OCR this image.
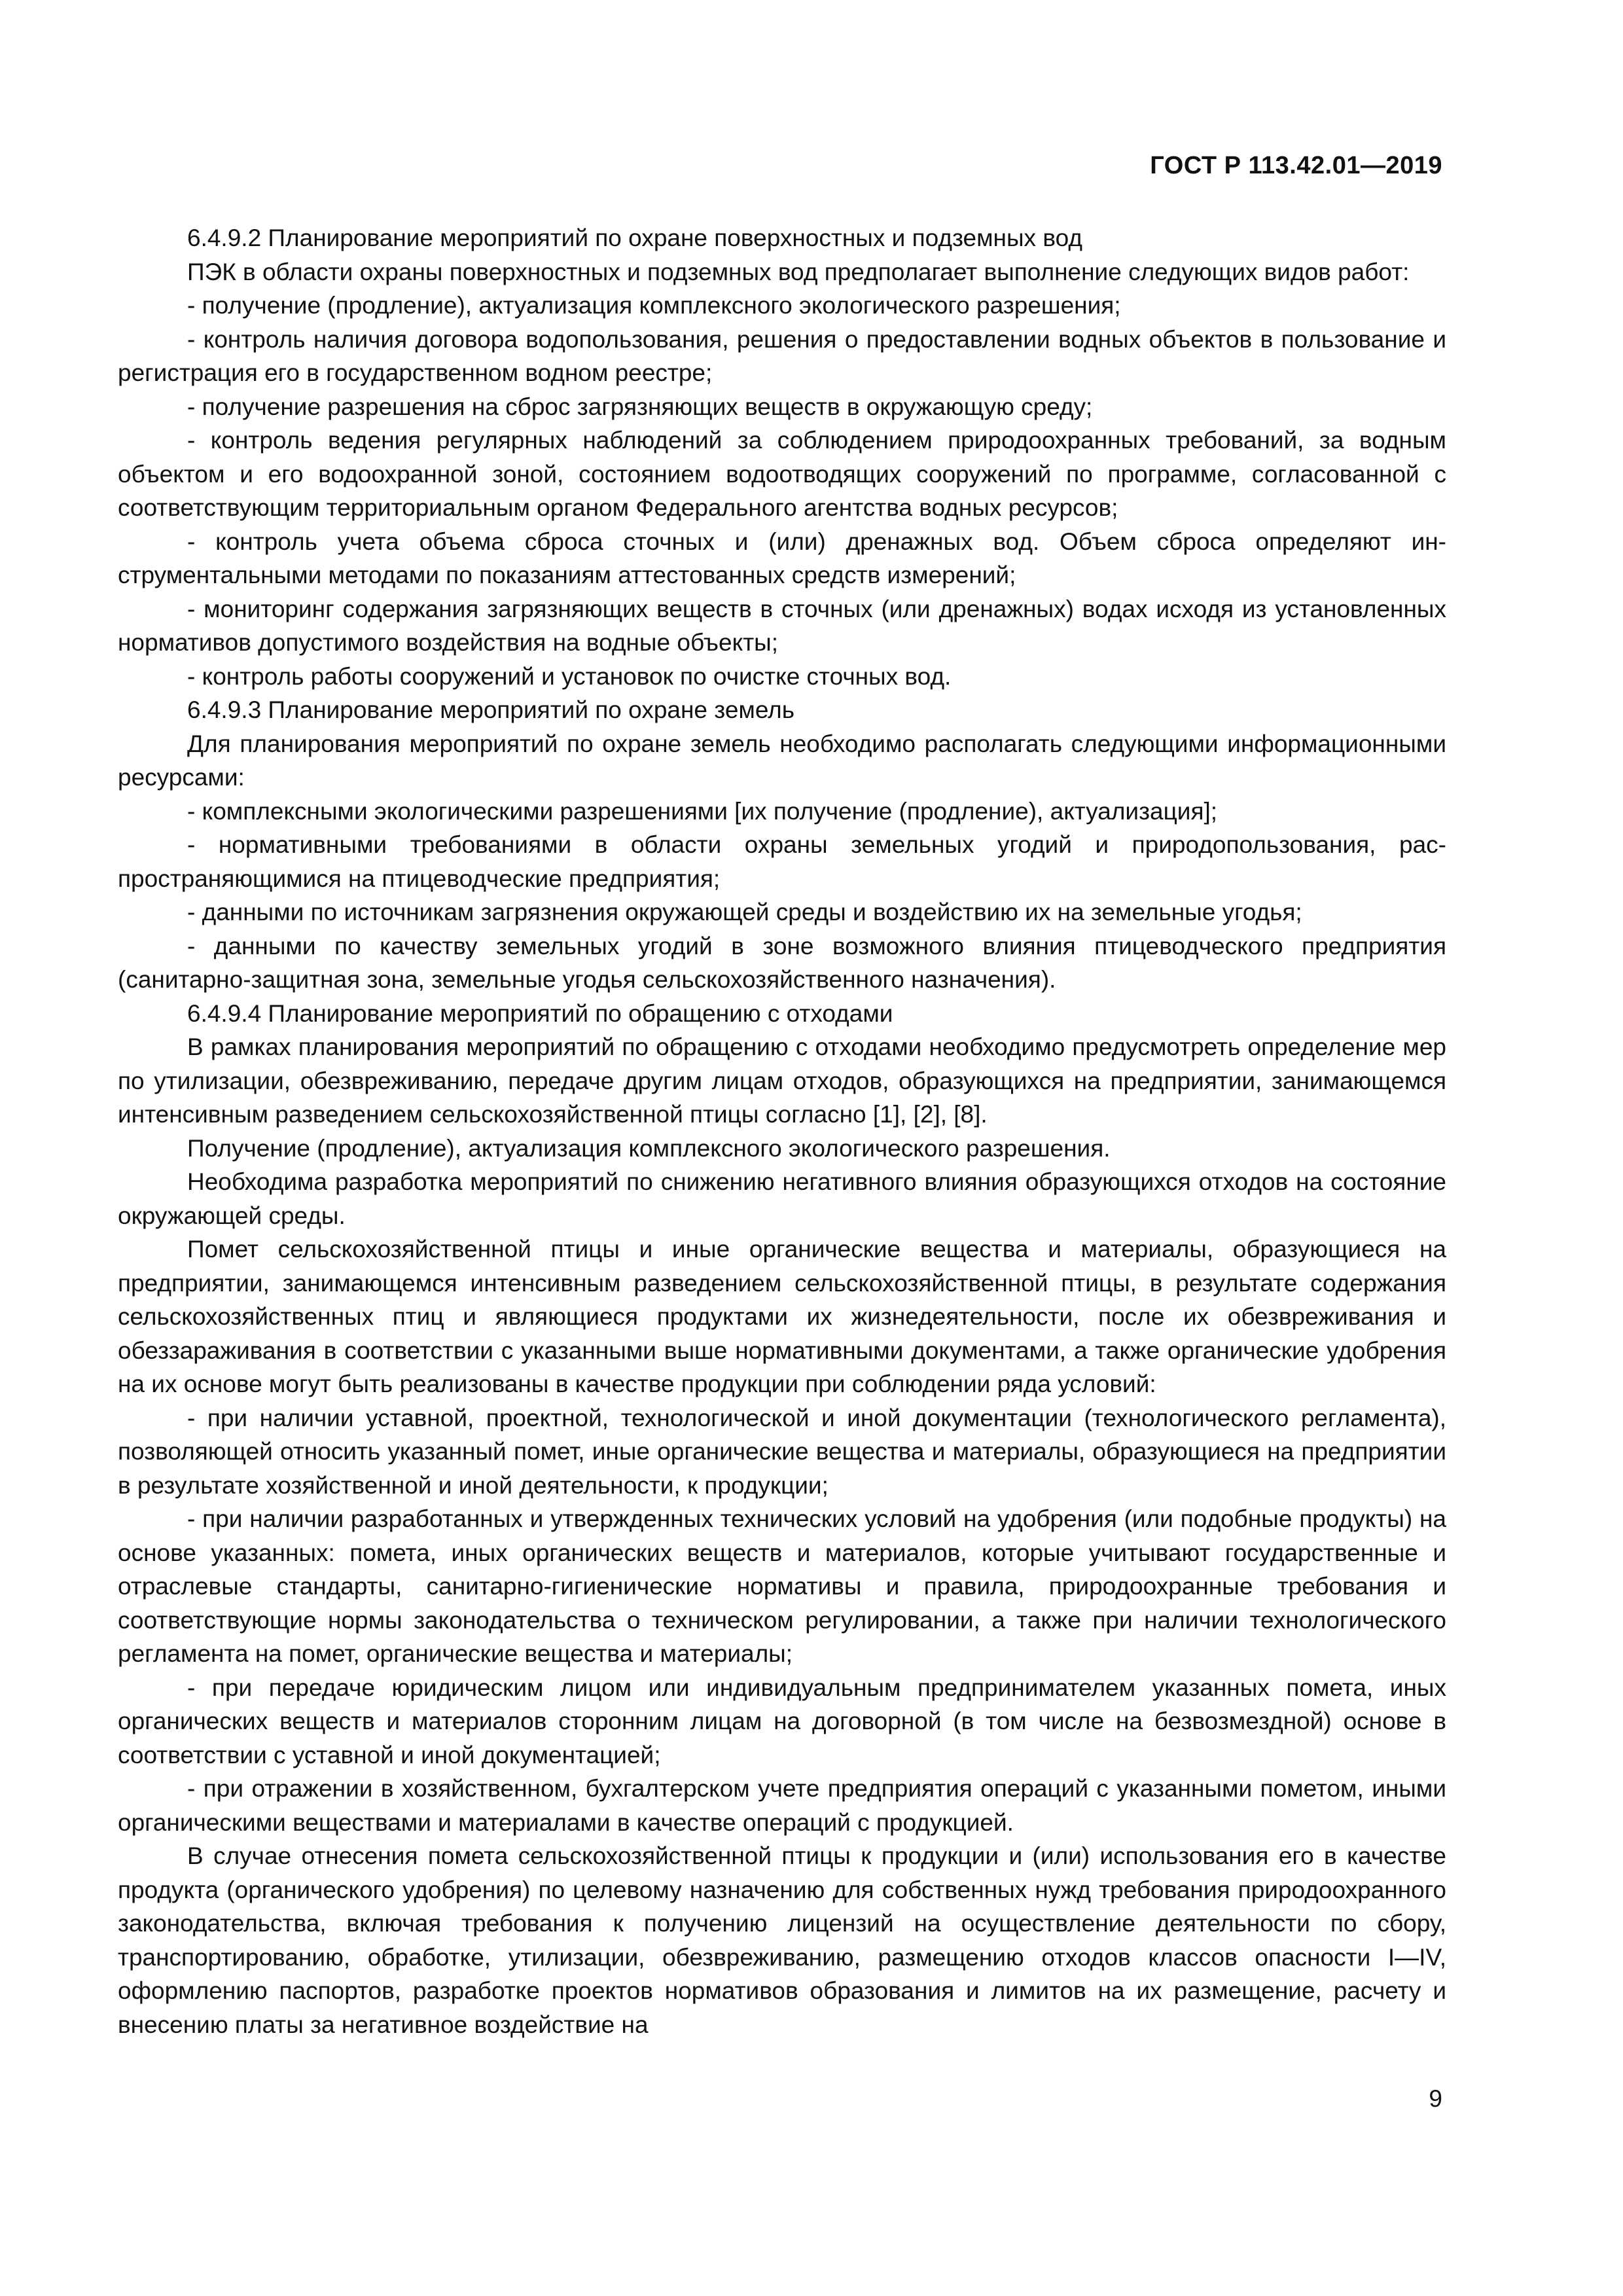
ГОСТ Р 113.42.01—2019

6.4.9.2 Планирование мероприятий по охране поверхностных и подземных вод

ПЭК в области охраны поверхностных и подземных вод предполагает выполнение следующих видов работ:

- получение (продление), актуализация комплексного экологического разрешения;

- контроль наличия договора водопользования, решения о предоставлении водных объектов в пользование и регистрация его в государственном водном реестре;

- получение разрешения на сброс загрязняющих веществ в окружающую среду;

- контроль ведения регулярных наблюдений за соблюдением природоохранных требований, за водным объектом и его водоохранной зоной, состоянием водоотводящих сооружений по программе, согласованной с соответствующим территориальным органом Федерального агентства водных ресурсов;

- контроль учета объема сброса сточных и (или) дренажных вод. Объем сброса определяют инструментальными методами по показаниям аттестованных средств измерений;

- мониторинг содержания загрязняющих веществ в сточных (или дренажных) водах исходя из установленных нормативов допустимого воздействия на водные объекты;

- контроль работы сооружений и установок по очистке сточных вод.

6.4.9.3 Планирование мероприятий по охране земель

Для планирования мероприятий по охране земель необходимо располагать следующими информационными ресурсами:

- комплексными экологическими разрешениями [их получение (продление), актуализация];

- нормативными требованиями в области охраны земельных угодий и природопользования, распространяющимися на птицеводческие предприятия;

- данными по источникам загрязнения окружающей среды и воздействию их на земельные угодья;

- данными по качеству земельных угодий в зоне возможного влияния птицеводческого предприятия (санитарно-защитная зона, земельные угодья сельскохозяйственного назначения).

6.4.9.4 Планирование мероприятий по обращению с отходами

В рамках планирования мероприятий по обращению с отходами необходимо предусмотреть определение мер по утилизации, обезвреживанию, передаче другим лицам отходов, образующихся на предприятии, занимающемся интенсивным разведением сельскохозяйственной птицы согласно [1], [2], [8].

Получение (продление), актуализация комплексного экологического разрешения.

Необходима разработка мероприятий по снижению негативного влияния образующихся отходов на состояние окружающей среды.

Помет сельскохозяйственной птицы и иные органические вещества и материалы, образующиеся на предприятии, занимающемся интенсивным разведением сельскохозяйственной птицы, в результате содержания сельскохозяйственных птиц и являющиеся продуктами их жизнедеятельности, после их обезвреживания и обеззараживания в соответствии с указанными выше нормативными документами, а также органические удобрения на их основе могут быть реализованы в качестве продукции при соблюдении ряда условий:

- при наличии уставной, проектной, технологической и иной документации (технологического регламента), позволяющей относить указанный помет, иные органические вещества и материалы, образующиеся на предприятии в результате хозяйственной и иной деятельности, к продукции;

- при наличии разработанных и утвержденных технических условий на удобрения (или подобные продукты) на основе указанных: помета, иных органических веществ и материалов, которые учитывают государственные и отраслевые стандарты, санитарно-гигиенические нормативы и правила, природоохранные требования и соответствующие нормы законодательства о техническом регулировании, а также при наличии технологического регламента на помет, органические вещества и материалы;

- при передаче юридическим лицом или индивидуальным предпринимателем указанных помета, иных органических веществ и материалов сторонним лицам на договорной (в том числе на безвозмездной) основе в соответствии с уставной и иной документацией;

- при отражении в хозяйственном, бухгалтерском учете предприятия операций с указанными пометом, иными органическими веществами и материалами в качестве операций с продукцией.

В случае отнесения помета сельскохозяйственной птицы к продукции и (или) использования его в качестве продукта (органического удобрения) по целевому назначению для собственных нужд требования природоохранного законодательства, включая требования к получению лицензий на осуществление деятельности по сбору, транспортированию, обработке, утилизации, обезвреживанию, размещению отходов классов опасности I—IV, оформлению паспортов, разработке проектов нормативов образования и лимитов на их размещение, расчету и внесению платы за негативное воздействие на

9
